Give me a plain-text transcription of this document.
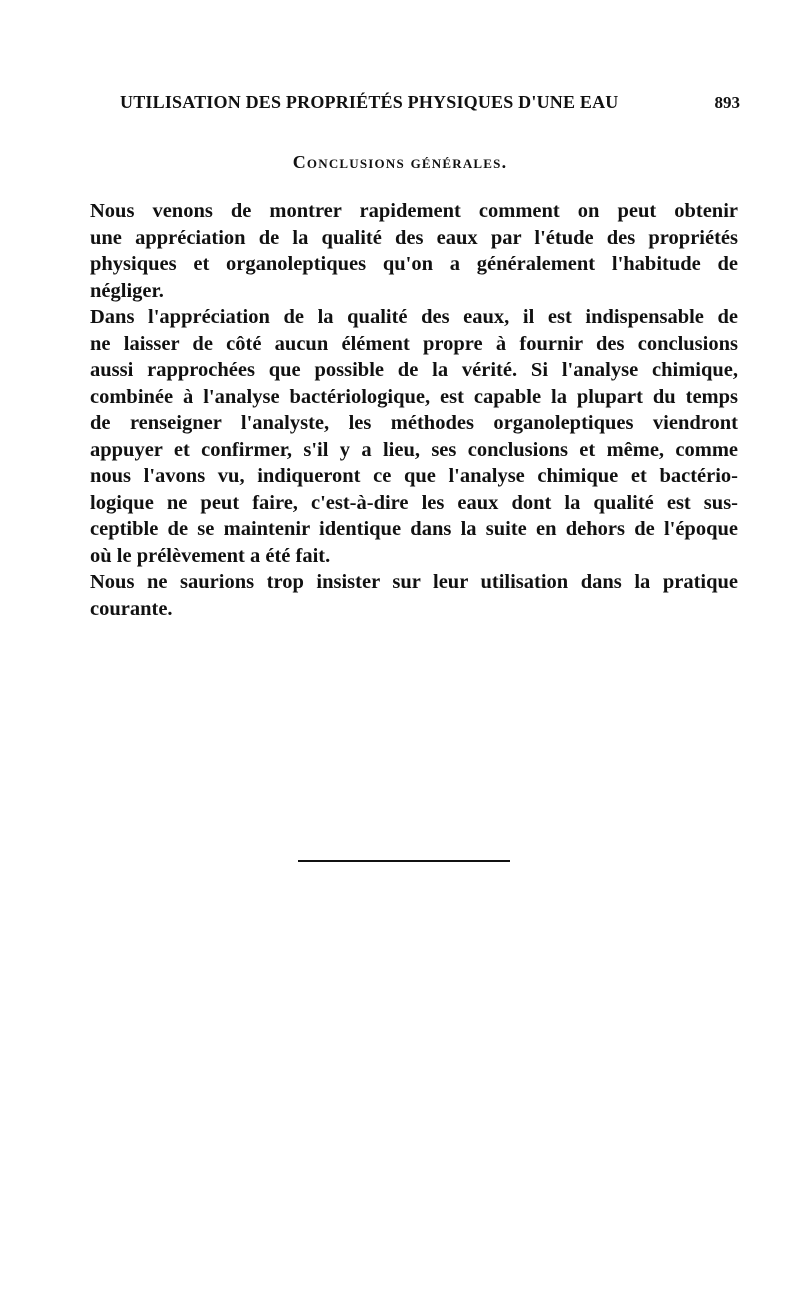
UTILISATION DES PROPRIÉTÉS PHYSIQUES D'UNE EAU	893
Conclusions générales.
Nous venons de montrer rapidement comment on peut obtenir
une appréciation de la qualité des eaux par l'étude des propriétés
physiques et organoleptiques qu'on a généralement l'habitude de
négliger.
Dans l'appréciation de la qualité des eaux, il est indispensable de
ne laisser de côté aucun élément propre à fournir des conclusions
aussi rapprochées que possible de la vérité. Si l'analyse chimique,
combinée à l'analyse bactériologique, est capable la plupart du temps
de renseigner l'analyste, les méthodes organoleptiques viendront
appuyer et confirmer, s'il y a lieu, ses conclusions et même, comme
nous l'avons vu, indiqueront ce que l'analyse chimique et bactério-
logique ne peut faire, c'est-à-dire les eaux dont la qualité est sus-
ceptible de se maintenir identique dans la suite en dehors de l'époque
où le prélèvement a été fait.
Nous ne saurions trop insister sur leur utilisation dans la pratique
courante.
